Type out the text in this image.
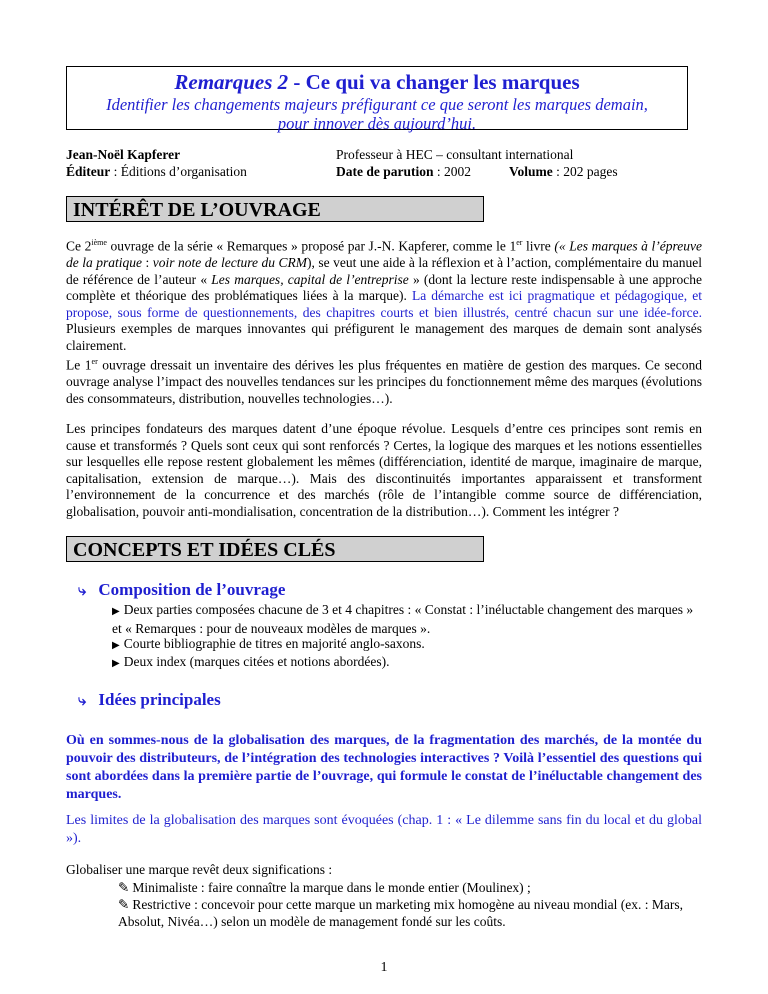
Remarques 2 - Ce qui va changer les marques
Identifier les changements majeurs préfigurant ce que seront les marques demain,
pour innover dès aujourd’hui.
Jean-Noël Kapferer
Éditeur : Éditions d’organisation
Professeur à HEC – consultant international
Date de parution : 2002	Volume : 202 pages
INTÉRÊT DE L’OUVRAGE
Ce 2ième ouvrage de la série « Remarques » proposé par J.-N. Kapferer, comme le 1er livre (« Les marques à l’épreuve de la pratique : voir note de lecture du CRM), se veut une aide à la réflexion et à l’action, complémentaire du manuel de référence de l’auteur « Les marques, capital de l’entreprise » (dont la lecture reste indispensable à une approche complète et théorique des problématiques liées à la marque). La démarche est ici pragmatique et pédagogique, et propose, sous forme de questionnements, des chapitres courts et bien illustrés, centré chacun sur une idée-force. Plusieurs exemples de marques innovantes qui préfigurent le management des marques de demain sont analysés clairement.
Le 1er ouvrage dressait un inventaire des dérives les plus fréquentes en matière de gestion des marques. Ce second ouvrage analyse l’impact des nouvelles tendances sur les principes du fonctionnement même des marques (évolutions des consommateurs, distribution, nouvelles technologies…).
Les principes fondateurs des marques datent d’une époque révolue. Lesquels d’entre ces principes sont remis en cause et transformés ? Quels sont ceux qui sont renforcés ? Certes, la logique des marques et les notions essentielles sur lesquelles elle repose restent globalement les mêmes (différenciation, identité de marque, imaginaire de marque, capitalisation, extension de marque…). Mais des discontinuités importantes apparaissent et transforment l’environnement de la concurrence et des marchés (rôle de l’intangible comme source de différenciation, globalisation, pouvoir anti-mondialisation, concentration de la distribution…). Comment les intégrer ?
CONCEPTS ET IDÉES CLÉS
⤷ Composition de l’ouvrage
▶ Deux parties composées chacune de 3 et 4 chapitres : « Constat : l’inéluctable changement des marques » et « Remarques : pour de nouveaux modèles de marques ».
▶ Courte bibliographie de titres en majorité anglo-saxons.
▶ Deux index (marques citées et notions abordées).
⤷ Idées principales
Où en sommes-nous de la globalisation des marques, de la fragmentation des marchés, de la montée du pouvoir des distributeurs, de l’intégration des technologies interactives ? Voilà l’essentiel des questions qui sont abordées dans la première partie de l’ouvrage, qui formule le constat de l’inéluctable changement des marques.
Les limites de la globalisation des marques sont évoquées (chap. 1 : « Le dilemme sans fin du local et du global »).
Globaliser une marque revêt deux significations :
✎ Minimaliste : faire connaître la marque dans le monde entier (Moulinex) ;
✎ Restrictive : concevoir pour cette marque un marketing mix homogène au niveau mondial (ex. : Mars, Absolut, Nivéa…) selon un modèle de management fondé sur les coûts.
1
